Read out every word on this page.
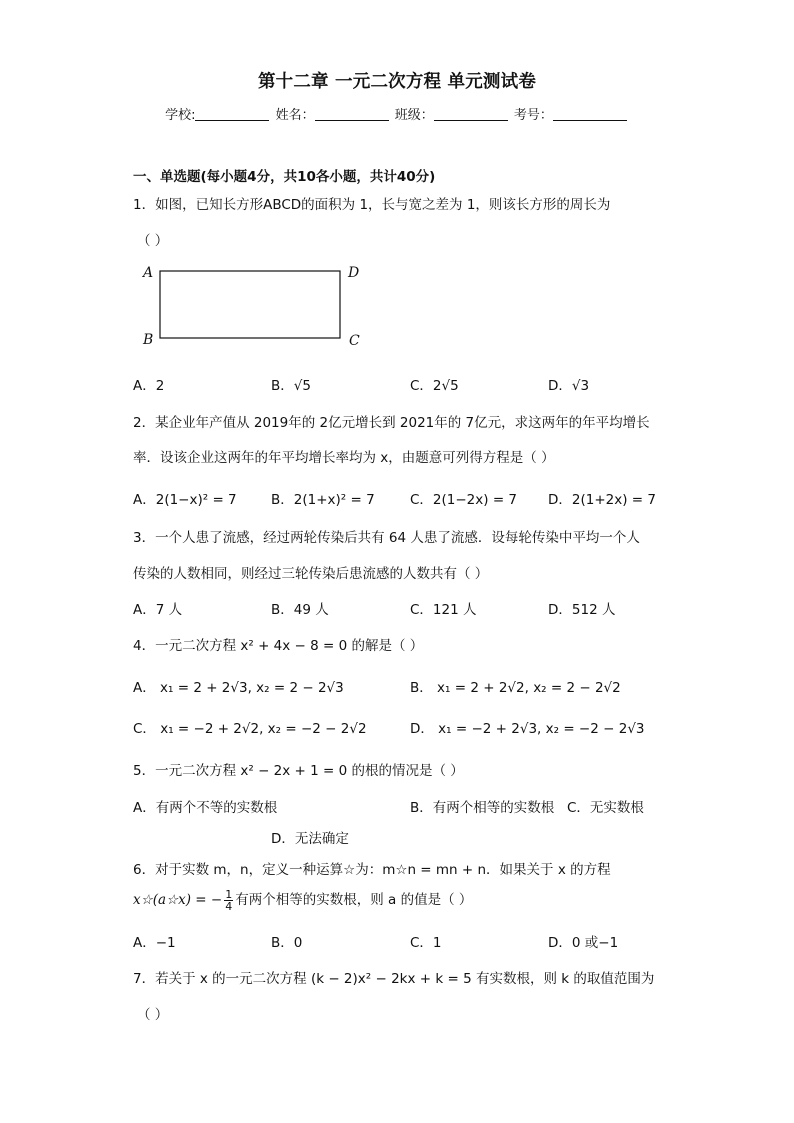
第十二章 一元二次方程 单元测试卷
学校:	姓名：	班级：	考号：
一、单选题(每小题4分，共10各小题，共计40分)
1．如图，已知长方形ABCD的面积为 1，长与宽之差为 1，则该长方形的周长为
（ ）
A	D
B	C
A．2	B．√5	C．2√5	D．√3
2．某企业年产值从 2019年的 2亿元增长到 2021年的 7亿元，求这两年的年平均增长
率．设该企业这两年的年平均增长率均为 x，由题意可列得方程是（ ）
A．2(1−x)² = 7	B．2(1+x)² = 7	C．2(1−2x) = 7 D．2(1+2x) = 7
3．一个人患了流感，经过两轮传染后共有 64 人患了流感．设每轮传染中平均一个人
传染的人数相同，则经过三轮传染后患流感的人数共有（ ）
A．7 人	B．49 人	C．121 人	D．512 人
4．一元二次方程 x² + 4x − 8 = 0 的解是（ ）
A． x₁ = 2 + 2√3, x₂ = 2 − 2√3	B． x₁ = 2 + 2√2, x₂ = 2 − 2√2
C． x₁ = −2 + 2√2, x₂ = −2 − 2√2	D． x₁ = −2 + 2√3, x₂ = −2 − 2√3
5．一元二次方程 x² − 2x + 1 = 0 的根的情况是（ ）
A．有两个不等的实数根	B．有两个相等的实数根 C．无实数根
D．无法确定
6．对于实数 m，n，定义一种运算☆为：m☆n = mn + n．如果关于 x 的方程
x☆(a☆x) = − $\frac{1}{4}$ 有两个相等的实数根，则 a 的值是（ ）
A．−1	B．0	C．1	D．0 或−1
7．若关于 x 的一元二次方程 (k − 2)x² − 2kx + k = 5 有实数根，则 k 的取值范围为
（ ）
